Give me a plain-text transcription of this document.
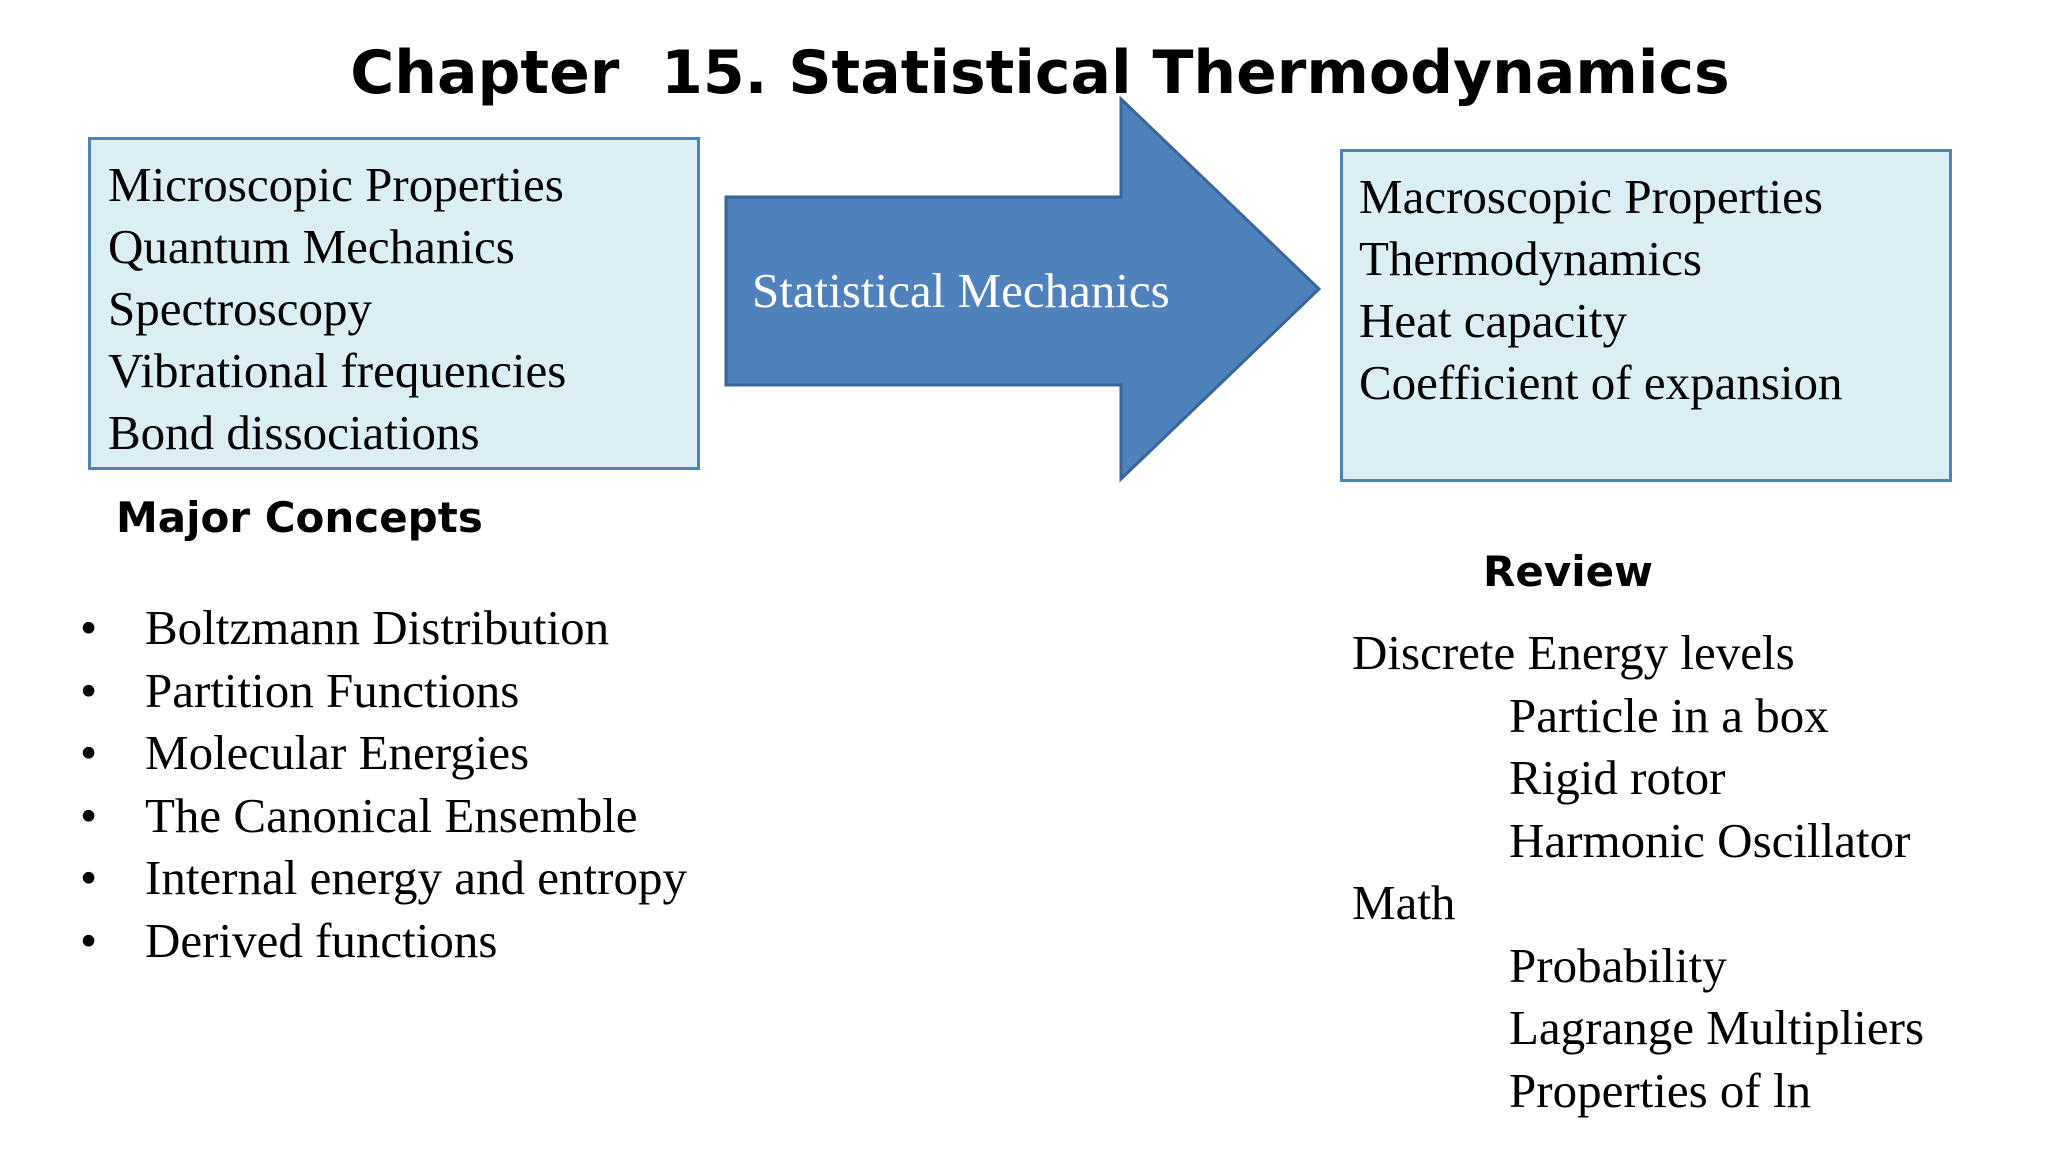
Chapter  15. Statistical Thermodynamics
Microscopic Properties
Quantum Mechanics
Spectroscopy
Vibrational frequencies
Bond dissociations
Statistical Mechanics
Macroscopic Properties
Thermodynamics
Heat capacity
Coefficient of expansion
Major Concepts
• Boltzmann Distribution
• Partition Functions
• Molecular Energies
• The Canonical Ensemble
• Internal energy and entropy
• Derived functions
Review
Discrete Energy levels
Particle in a box
Rigid rotor
Harmonic Oscillator
Math
Probability
Lagrange Multipliers
Properties of ln
